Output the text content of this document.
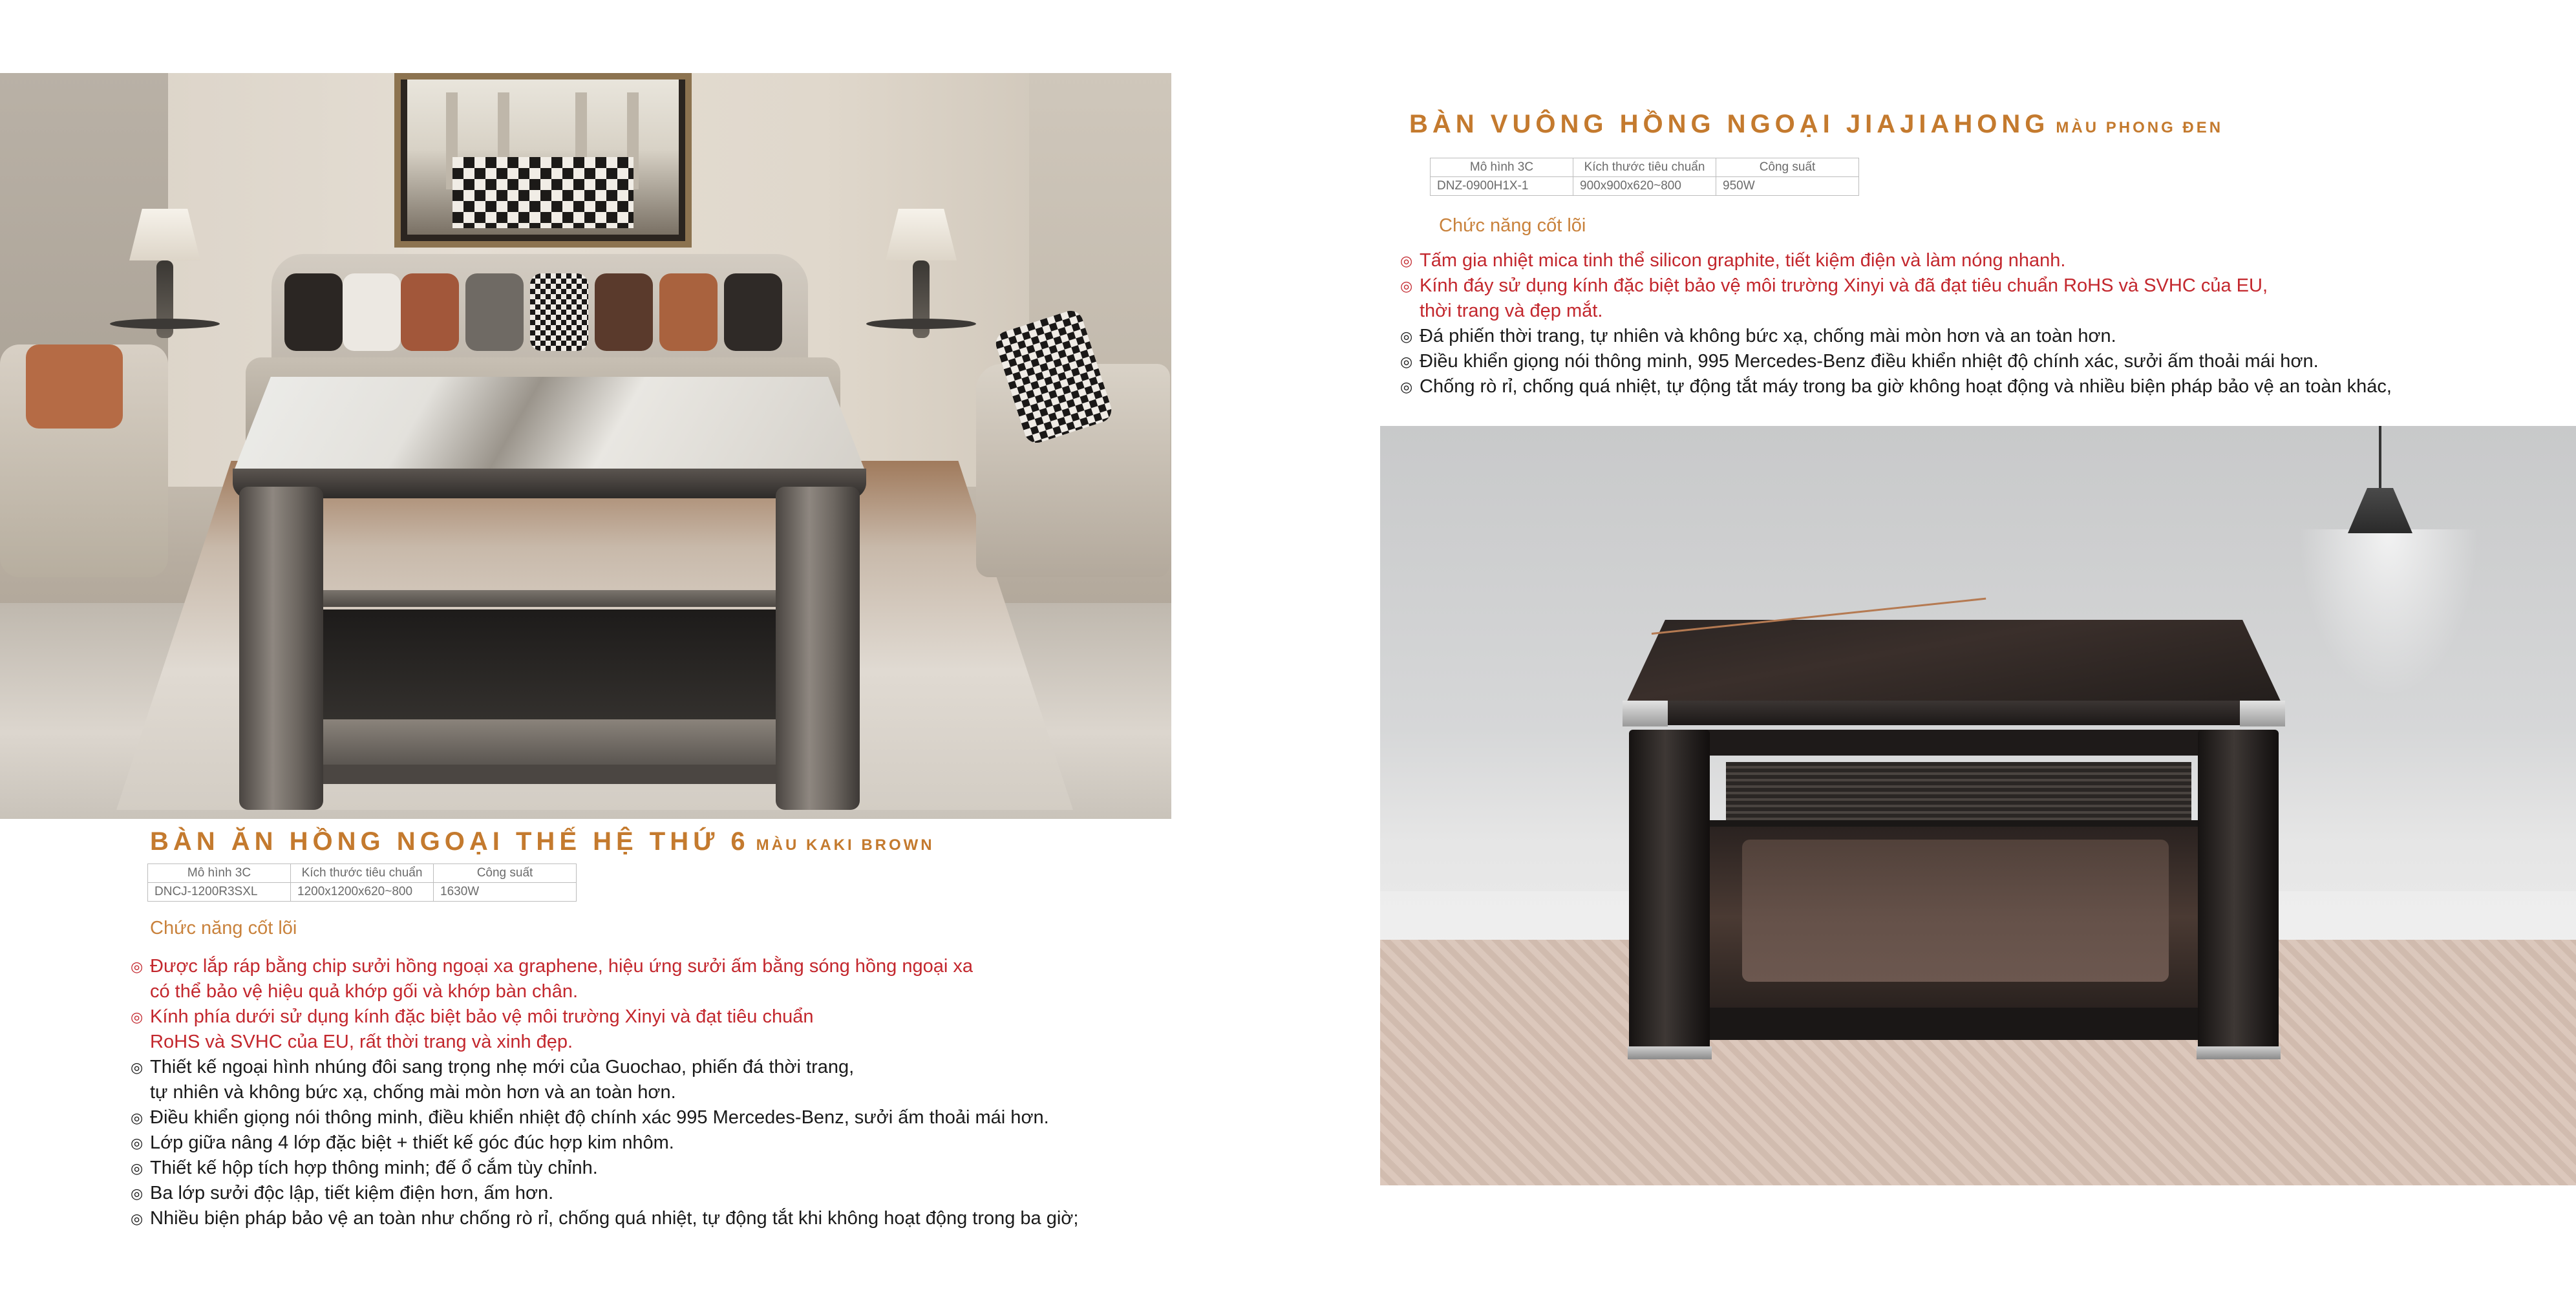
BÀN ĂN HỒNG NGOẠI THẾ HỆ THỨ 6 MÀU KAKI BROWN
Mô hình 3C	Kích thước tiêu chuẩn	Công suất
DNCJ-1200R3SXL	1200x1200x620~800	1630W
Chức năng cốt lõi
◎ Được lắp ráp bằng chip sưởi hồng ngoại xa graphene, hiệu ứng sưởi ấm bằng sóng hồng ngoại xa
có thể bảo vệ hiệu quả khớp gối và khớp bàn chân.
◎ Kính phía dưới sử dụng kính đặc biệt bảo vệ môi trường Xinyi và đạt tiêu chuẩn
RoHS và SVHC của EU, rất thời trang và xinh đẹp.
◎ Thiết kế ngoại hình nhúng đôi sang trọng nhẹ mới của Guochao, phiến đá thời trang,
tự nhiên và không bức xạ, chống mài mòn hơn và an toàn hơn.
◎ Điều khiển giọng nói thông minh, điều khiển nhiệt độ chính xác 995 Mercedes-Benz, sưởi ấm thoải mái hơn.
◎ Lớp giữa nâng 4 lớp đặc biệt + thiết kế góc đúc hợp kim nhôm.
◎ Thiết kế hộp tích hợp thông minh; đế ổ cắm tùy chỉnh.
◎ Ba lớp sưởi độc lập, tiết kiệm điện hơn, ấm hơn.
◎ Nhiều biện pháp bảo vệ an toàn như chống rò rỉ, chống quá nhiệt, tự động tắt khi không hoạt động trong ba giờ;
BÀN VUÔNG HỒNG NGOẠI JIAJIAHONG MÀU PHONG ĐEN
Mô hình 3C	Kích thước tiêu chuẩn	Công suất
DNZ-0900H1X-1	900x900x620~800	950W
Chức năng cốt lõi
◎ Tấm gia nhiệt mica tinh thể silicon graphite, tiết kiệm điện và làm nóng nhanh.
◎ Kính đáy sử dụng kính đặc biệt bảo vệ môi trường Xinyi và đã đạt tiêu chuẩn RoHS và SVHC của EU,
thời trang và đẹp mắt.
◎ Đá phiến thời trang, tự nhiên và không bức xạ, chống mài mòn hơn và an toàn hơn.
◎ Điều khiển giọng nói thông minh, 995 Mercedes-Benz điều khiển nhiệt độ chính xác, sưởi ấm thoải mái hơn.
◎ Chống rò rỉ, chống quá nhiệt, tự động tắt máy trong ba giờ không hoạt động và nhiều biện pháp bảo vệ an toàn khác,
